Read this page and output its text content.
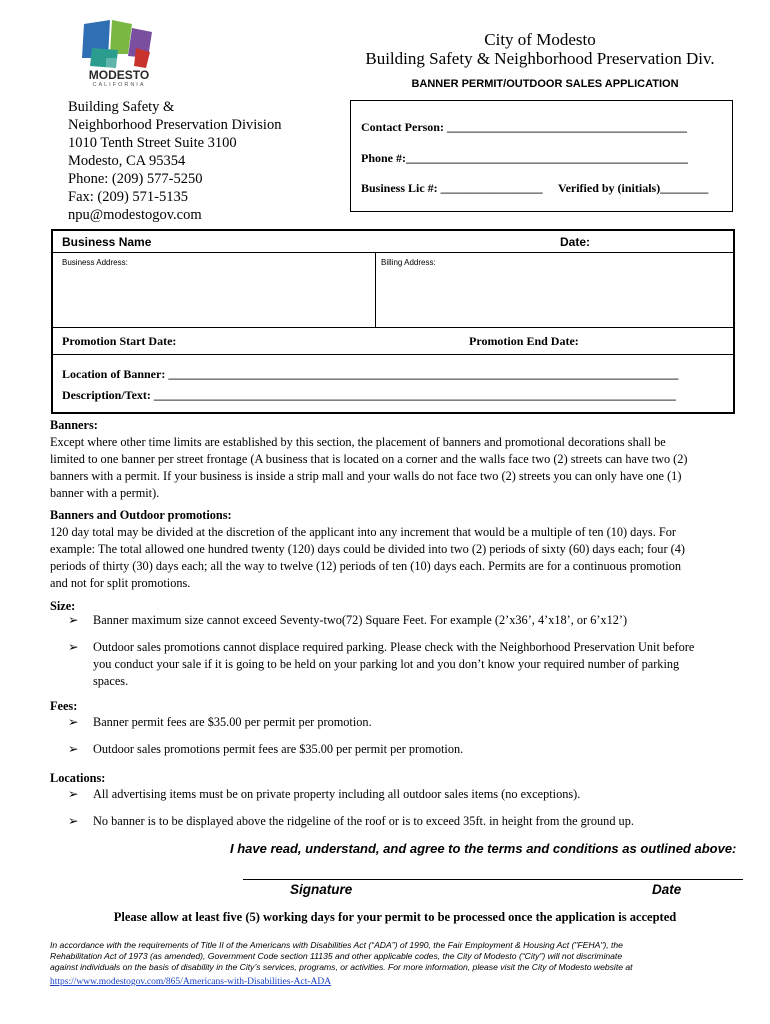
MODESTO
CALIFORNIA
City of Modesto
Building Safety & Neighborhood Preservation Div.
BANNER PERMIT/OUTDOOR SALES APPLICATION
Building Safety &
Neighborhood Preservation Division
1010 Tenth Street Suite 3100
Modesto, CA 95354
Phone: (209) 577-5250
Fax: (209) 571-5135
npu@modestogov.com
Contact Person: ________________________________________
Phone #:_______________________________________________
Business Lic #: _________________ Verified by (initials)________
Business Name	Date:
Business Address:	Billing Address:
Promotion Start Date:	Promotion End Date:
Location of Banner: _____________________________________________________________________________________
Description/Text: _______________________________________________________________________________________
Banners:
Except where other time limits are established by this section, the placement of banners and promotional decorations shall be
limited to one banner per street frontage (A business that is located on a corner and the walls face two (2) streets can have two (2)
banners with a permit. If your business is inside a strip mall and your walls do not face two (2) streets you can only have one (1)
banner with a permit).
Banners and Outdoor promotions:
120 day total may be divided at the discretion of the applicant into any increment that would be a multiple of ten (10) days. For
example: The total allowed one hundred twenty (120) days could be divided into two (2) periods of sixty (60) days each; four (4)
periods of thirty (30) days each; all the way to twelve (12) periods of ten (10) days each. Permits are for a continuous promotion
and not for split promotions.
Size:
➢ Banner maximum size cannot exceed Seventy-two(72) Square Feet. For example (2’x36’, 4’x18’, or 6’x12’)
➢ Outdoor sales promotions cannot displace required parking. Please check with the Neighborhood Preservation Unit before
you conduct your sale if it is going to be held on your parking lot and you don’t know your required number of parking
spaces.
Fees:
➢ Banner permit fees are $35.00 per permit per promotion.
➢ Outdoor sales promotions permit fees are $35.00 per permit per promotion.
Locations:
➢ All advertising items must be on private property including all outdoor sales items (no exceptions).
➢ No banner is to be displayed above the ridgeline of the roof or is to exceed 35ft. in height from the ground up.
I have read, understand, and agree to the terms and conditions as outlined above:
Signature	Date
Please allow at least five (5) working days for your permit to be processed once the application is accepted
In accordance with the requirements of Title II of the Americans with Disabilities Act (“ADA”) of 1990, the Fair Employment & Housing Act ("FEHA"), the
Rehabilitation Act of 1973 (as amended), Government Code section 11135 and other applicable codes, the City of Modesto (“City”) will not discriminate
against individuals on the basis of disability in the City’s services, programs, or activities. For more information, please visit the City of Modesto website at
https://www.modestogov.com/865/Americans-with-Disabilities-Act-ADA
